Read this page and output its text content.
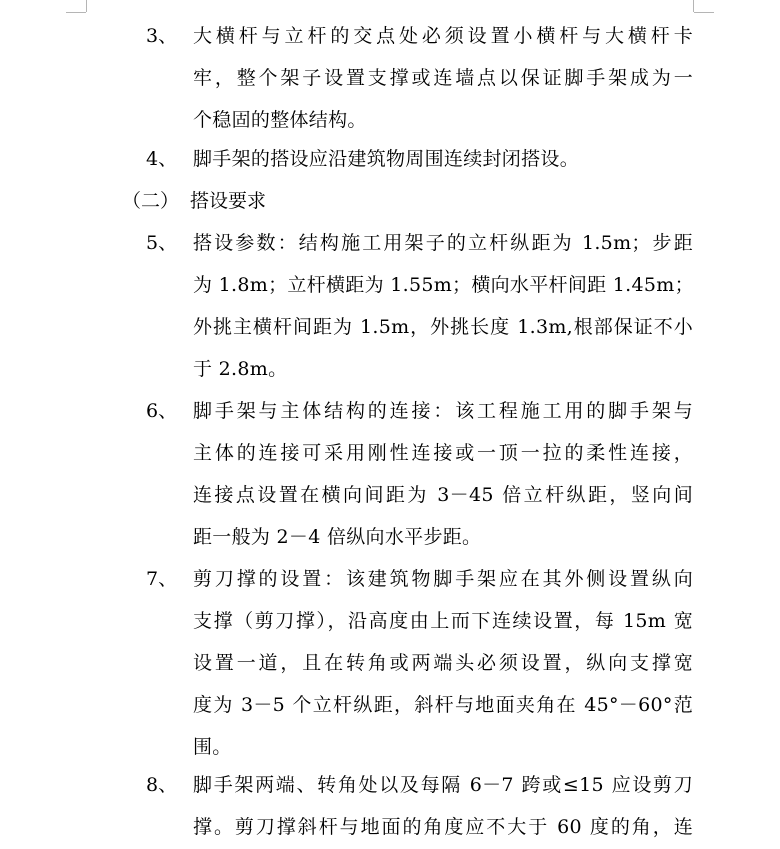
3、 大横杆与立杆的交点处必须设置小横杆与大横杆卡
牢，整个架子设置支撑或连墙点以保证脚手架成为一
个稳固的整体结构。
4、 脚手架的搭设应沿建筑物周围连续封闭搭设。
（二） 搭设要求
5、 搭设参数：结构施工用架子的立杆纵距为 1.5m；步距
为 1.8m；立杆横距为 1.55m；横向水平杆间距 1.45m；
外挑主横杆间距为 1.5m，外挑长度 1.3m,根部保证不小
于 2.8m。
6、 脚手架与主体结构的连接：该工程施工用的脚手架与
主体的连接可采用刚性连接或一顶一拉的柔性连接，
连接点设置在横向间距为 3－45 倍立杆纵距，竖向间
距一般为 2－4 倍纵向水平步距。
7、 剪刀撑的设置：该建筑物脚手架应在其外侧设置纵向
支撑（剪刀撑），沿高度由上而下连续设置，每 15m 宽
设置一道，且在转角或两端头必须设置，纵向支撑宽
度为 3－5 个立杆纵距，斜杆与地面夹角在 45°－60°范
围。
8、 脚手架两端、转角处以及每隔 6－7 跨或≤15 应设剪刀
撑。剪刀撑斜杆与地面的角度应不大于 60 度的角，连
